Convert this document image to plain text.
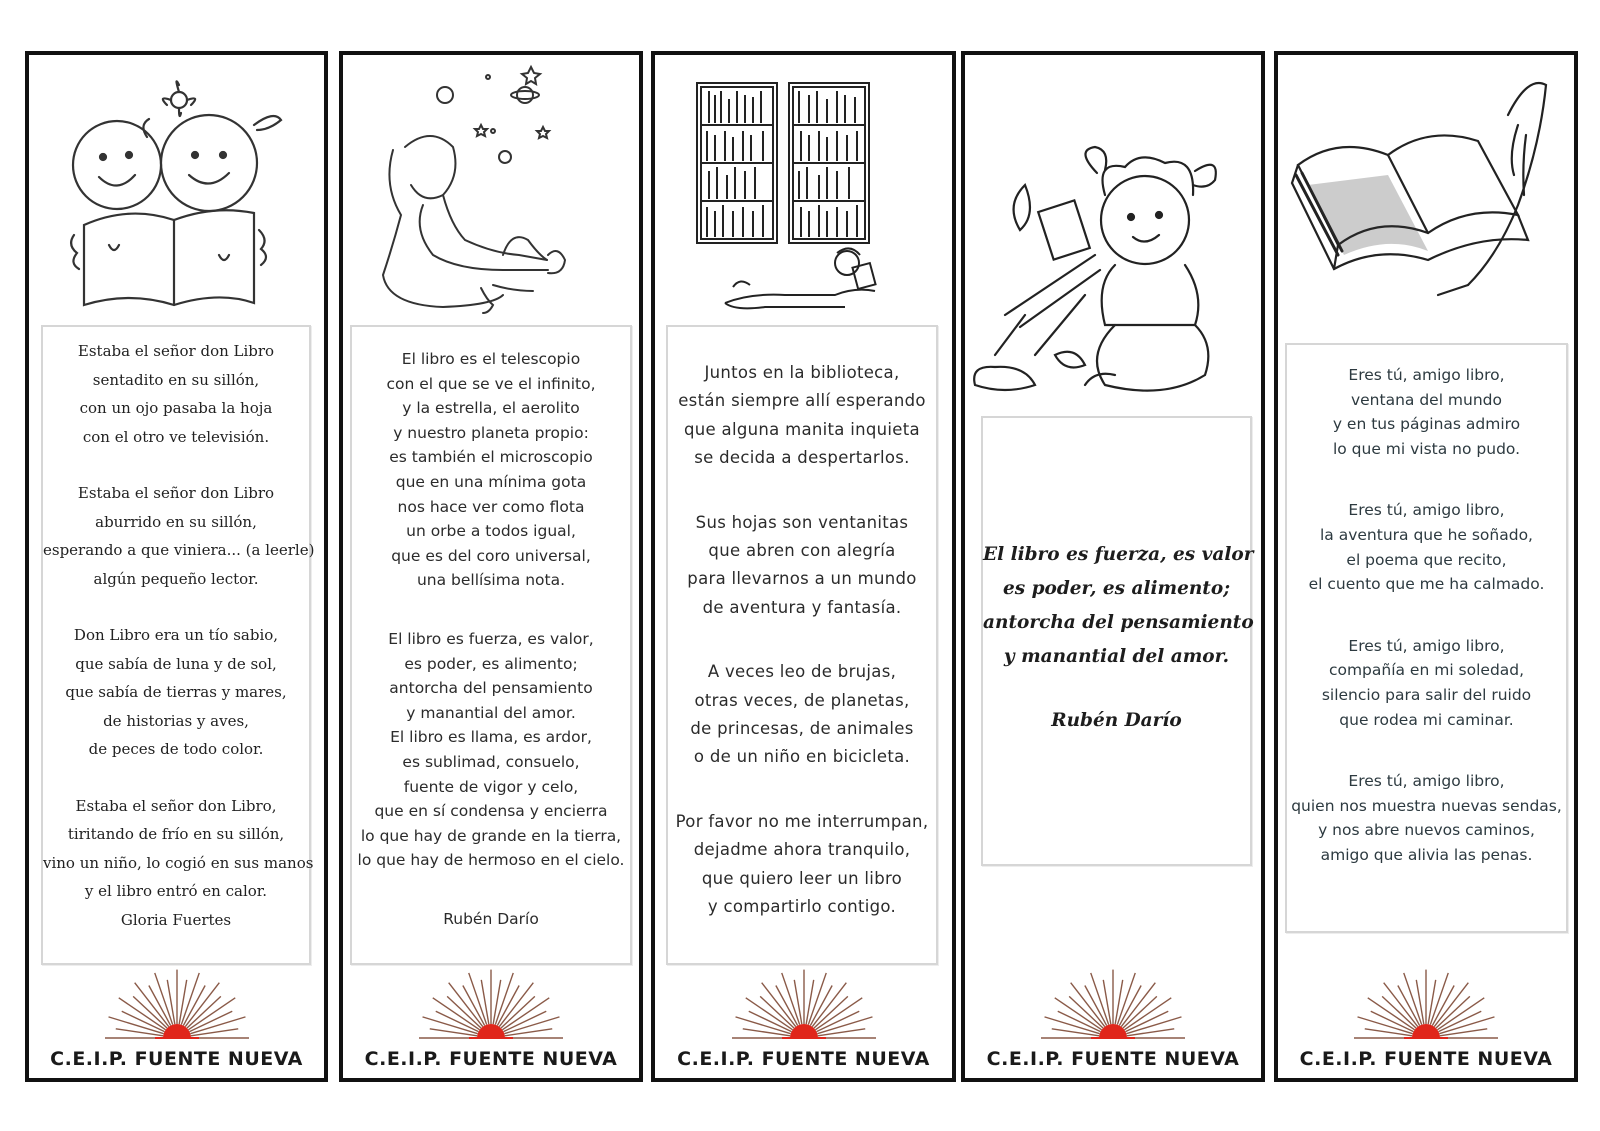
Estaba el señor don Libro
sentadito en su sillón,
con un ojo pasaba la hoja
con el otro ve televisión.
Estaba el señor don Libro
aburrido en su sillón,
esperando a que viniera... (a leerle)
algún pequeño lector.
Don Libro era un tío sabio,
que sabía de luna y de sol,
que sabía de tierras y mares,
de historias y aves,
de peces de todo color.
Estaba el señor don Libro,
tiritando de frío en su sillón,
vino un niño, lo cogió en sus manos
y el libro entró en calor.
Gloria Fuertes
C.E.I.P. FUENTE NUEVA
El libro es el telescopio
con el que se ve el infinito,
y la estrella, el aerolito
y nuestro planeta propio:
es también el microscopio
que en una mínima gota
nos hace ver como flota
un orbe a todos igual,
que es del coro universal,
una bellísima nota.
El libro es fuerza, es valor,
es poder, es alimento;
antorcha del pensamiento
y manantial del amor.
El libro es llama, es ardor,
es sublimad, consuelo,
fuente de vigor y celo,
que en sí condensa y encierra
lo que hay de grande en la tierra,
lo que hay de hermoso en el cielo.
Rubén Darío
C.E.I.P. FUENTE NUEVA
Juntos en la biblioteca,
están siempre allí esperando
que alguna manita inquieta
se decida a despertarlos.
Sus hojas son ventanitas
que abren con alegría
para llevarnos a un mundo
de aventura y fantasía.
A veces leo de brujas,
otras veces, de planetas,
de princesas, de animales
o de un niño en bicicleta.
Por favor no me interrumpan,
dejadme ahora tranquilo,
que quiero leer un libro
y compartirlo contigo.
C.E.I.P. FUENTE NUEVA
El libro es fuerza, es valor
es poder, es alimento;
antorcha del pensamiento
y manantial del amor.
Rubén Darío
C.E.I.P. FUENTE NUEVA
Eres tú, amigo libro,
ventana del mundo
y en tus páginas admiro
lo que mi vista no pudo.
Eres tú, amigo libro,
la aventura que he soñado,
el poema que recito,
el cuento que me ha calmado.
Eres tú, amigo libro,
compañía en mi soledad,
silencio para salir del ruido
que rodea mi caminar.
Eres tú, amigo libro,
quien nos muestra nuevas sendas,
y nos abre nuevos caminos,
amigo que alivia las penas.
C.E.I.P. FUENTE NUEVA
